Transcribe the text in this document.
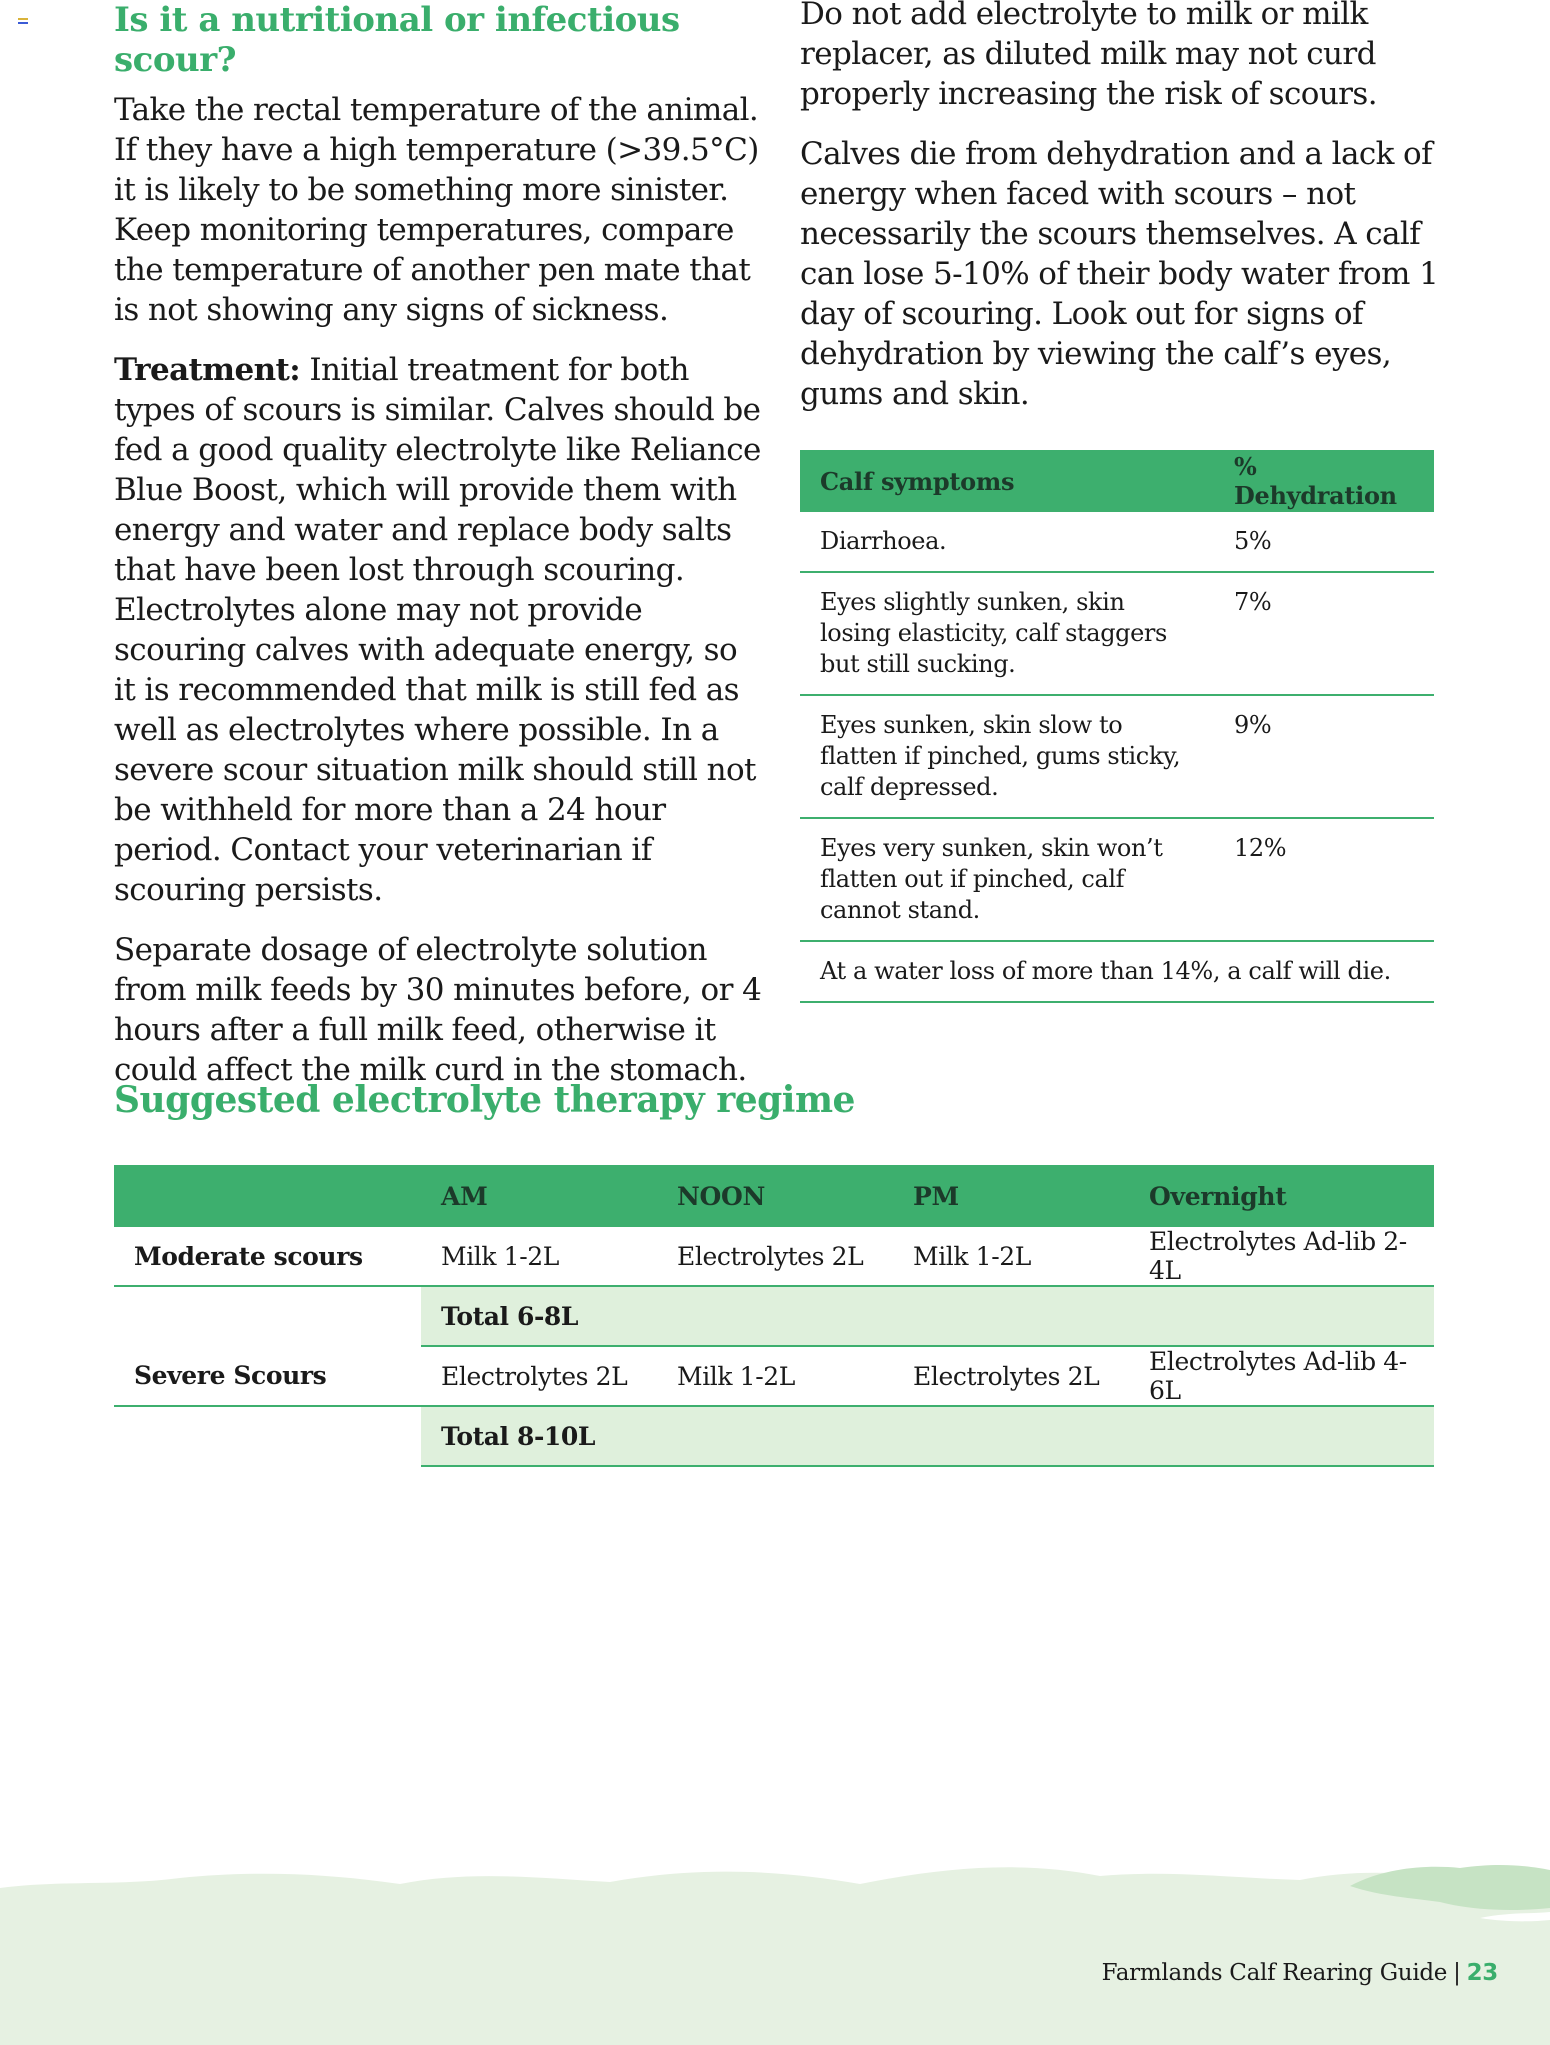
Is it a nutritional or infectious scour?

Take the rectal temperature of the animal. If they have a high temperature (>39.5°C) it is likely to be something more sinister. Keep monitoring temperatures, compare the temperature of another pen mate that is not showing any signs of sickness.

Treatment: Initial treatment for both types of scours is similar. Calves should be fed a good quality electrolyte like Reliance Blue Boost, which will provide them with energy and water and replace body salts that have been lost through scouring. Electrolytes alone may not provide scouring calves with adequate energy, so it is recommended that milk is still fed as well as electrolytes where possible. In a severe scour situation milk should still not be withheld for more than a 24 hour period. Contact your veterinarian if scouring persists.

Separate dosage of electrolyte solution from milk feeds by 30 minutes before, or 4 hours after a full milk feed, otherwise it could affect the milk curd in the stomach.

Do not add electrolyte to milk or milk replacer, as diluted milk may not curd properly increasing the risk of scours.

Calves die from dehydration and a lack of energy when faced with scours – not necessarily the scours themselves. A calf can lose 5-10% of their body water from 1 day of scouring. Look out for signs of dehydration by viewing the calf’s eyes, gums and skin.

Calf symptoms	% Dehydration
Diarrhoea.	5%
Eyes slightly sunken, skin losing elasticity, calf staggers but still sucking.	7%
Eyes sunken, skin slow to flatten if pinched, gums sticky, calf depressed.	9%
Eyes very sunken, skin won’t flatten out if pinched, calf cannot stand.	12%
At a water loss of more than 14%, a calf will die.	
Suggested electrolyte therapy regime
	AM	NOON	PM	Overnight
Moderate scours	Milk 1-2L	Electrolytes 2L	Milk 1-2L	Electrolytes Ad-lib 2-4L
	Total 6-8L			
Severe Scours	Electrolytes 2L	Milk 1-2L	Electrolytes 2L	Electrolytes Ad-lib 4-6L
	Total 8-10L			
Farmlands Calf Rearing Guide | 23
